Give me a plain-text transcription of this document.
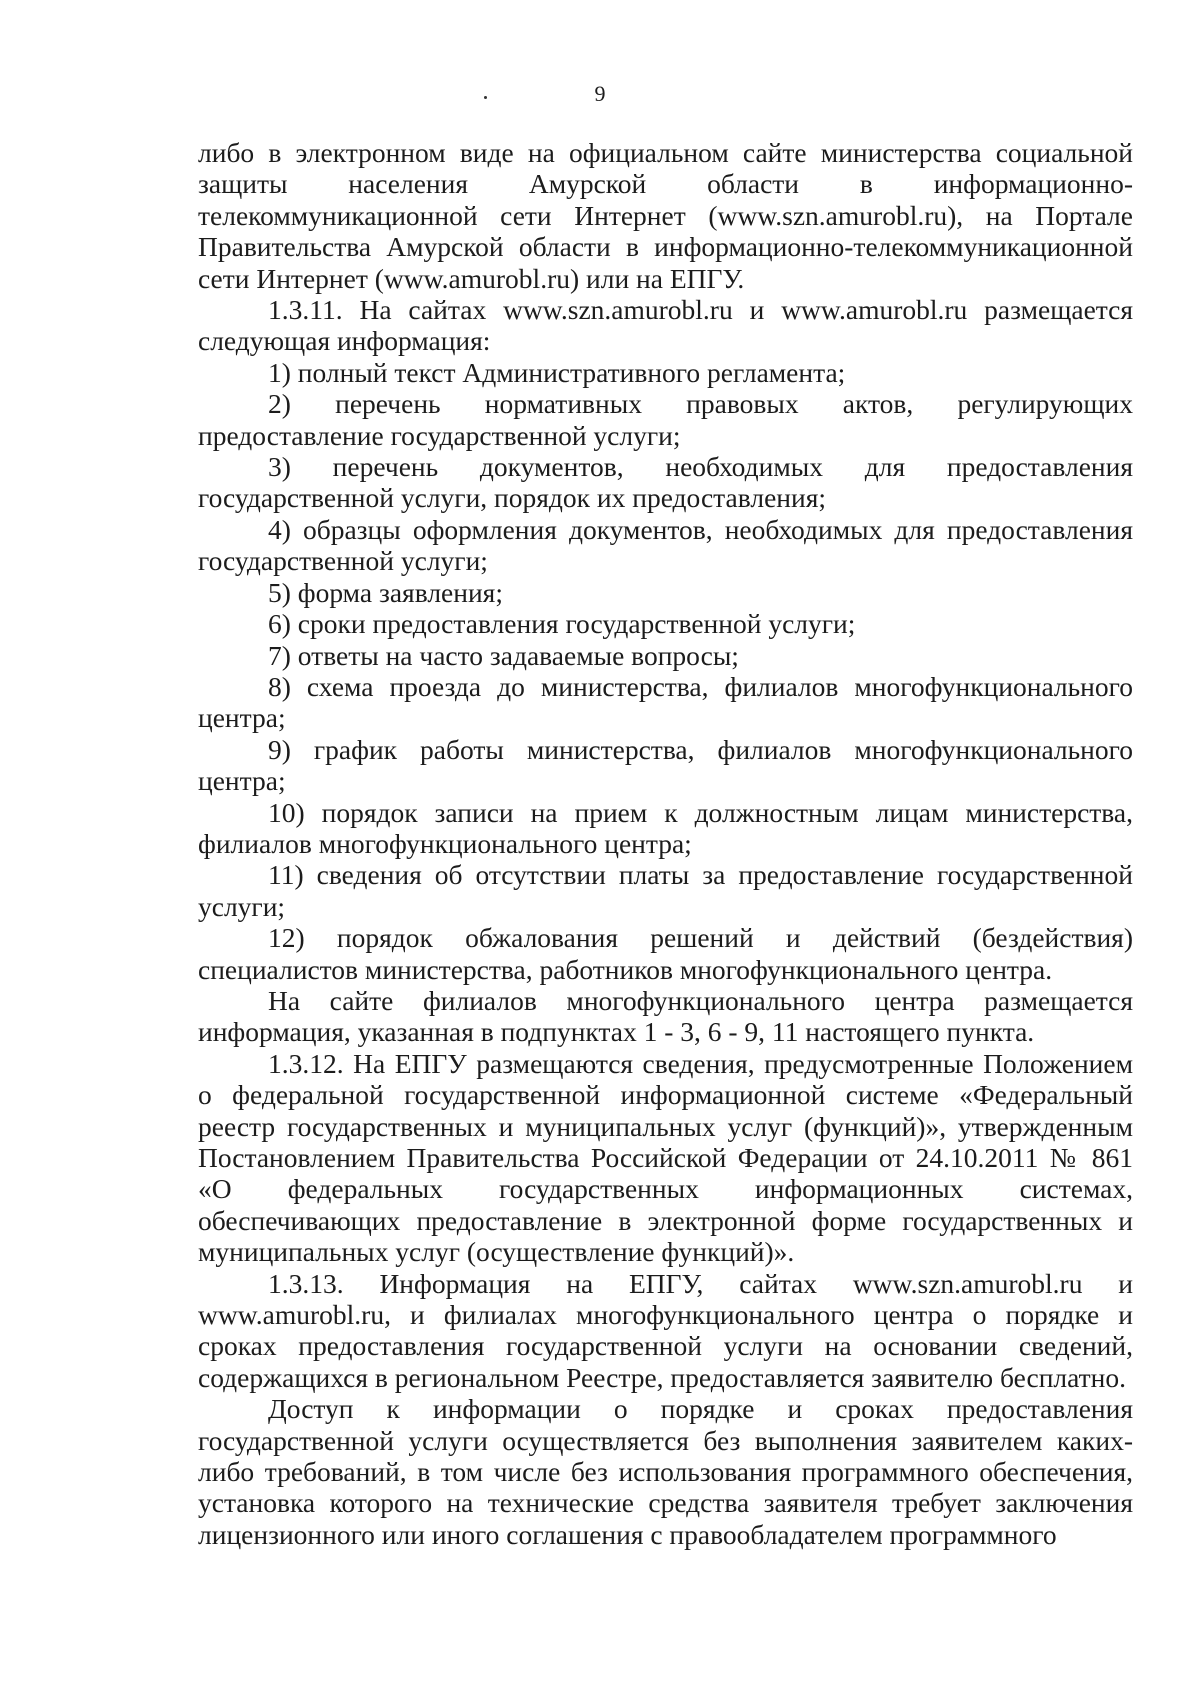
9

либо в электронном виде на официальном сайте министерства социальной защиты населения Амурской области в информационно-телекоммуникационной сети Интернет (www.szn.amurobl.ru), на Портале Правительства Амурской области в информационно-телекоммуникационной сети Интернет (www.amurobl.ru) или на ЕПГУ.

1.3.11. На сайтах www.szn.amurobl.ru и www.amurobl.ru размещается следующая информация:

1) полный текст Административного регламента;

2) перечень нормативных правовых актов, регулирующих предоставление государственной услуги;

3) перечень документов, необходимых для предоставления государственной услуги, порядок их предоставления;

4) образцы оформления документов, необходимых для предоставления государственной услуги;

5) форма заявления;

6) сроки предоставления государственной услуги;

7) ответы на часто задаваемые вопросы;

8) схема проезда до министерства, филиалов многофункционального центра;

9) график работы министерства, филиалов многофункционального центра;

10) порядок записи на прием к должностным лицам министерства, филиалов многофункционального центра;

11) сведения об отсутствии платы за предоставление государственной услуги;

12) порядок обжалования решений и действий (бездействия) специалистов министерства, работников многофункционального центра.

На сайте филиалов многофункционального центра размещается информация, указанная в подпунктах 1 - 3, 6 - 9, 11 настоящего пункта.

1.3.12. На ЕПГУ размещаются сведения, предусмотренные Положением о федеральной государственной информационной системе «Федеральный реестр государственных и муниципальных услуг (функций)», утвержденным Постановлением Правительства Российской Федерации от 24.10.2011 № 861 «О федеральных государственных информационных системах, обеспечивающих предоставление в электронной форме государственных и муниципальных услуг (осуществление функций)».

1.3.13. Информация на ЕПГУ, сайтах www.szn.amurobl.ru и www.amurobl.ru, и филиалах многофункционального центра о порядке и сроках предоставления государственной услуги на основании сведений, содержащихся в региональном Реестре, предоставляется заявителю бесплатно.

Доступ к информации о порядке и сроках предоставления государственной услуги осуществляется без выполнения заявителем каких-либо требований, в том числе без использования программного обеспечения, установка которого на технические средства заявителя требует заключения лицензионного или иного соглашения с правообладателем программного
